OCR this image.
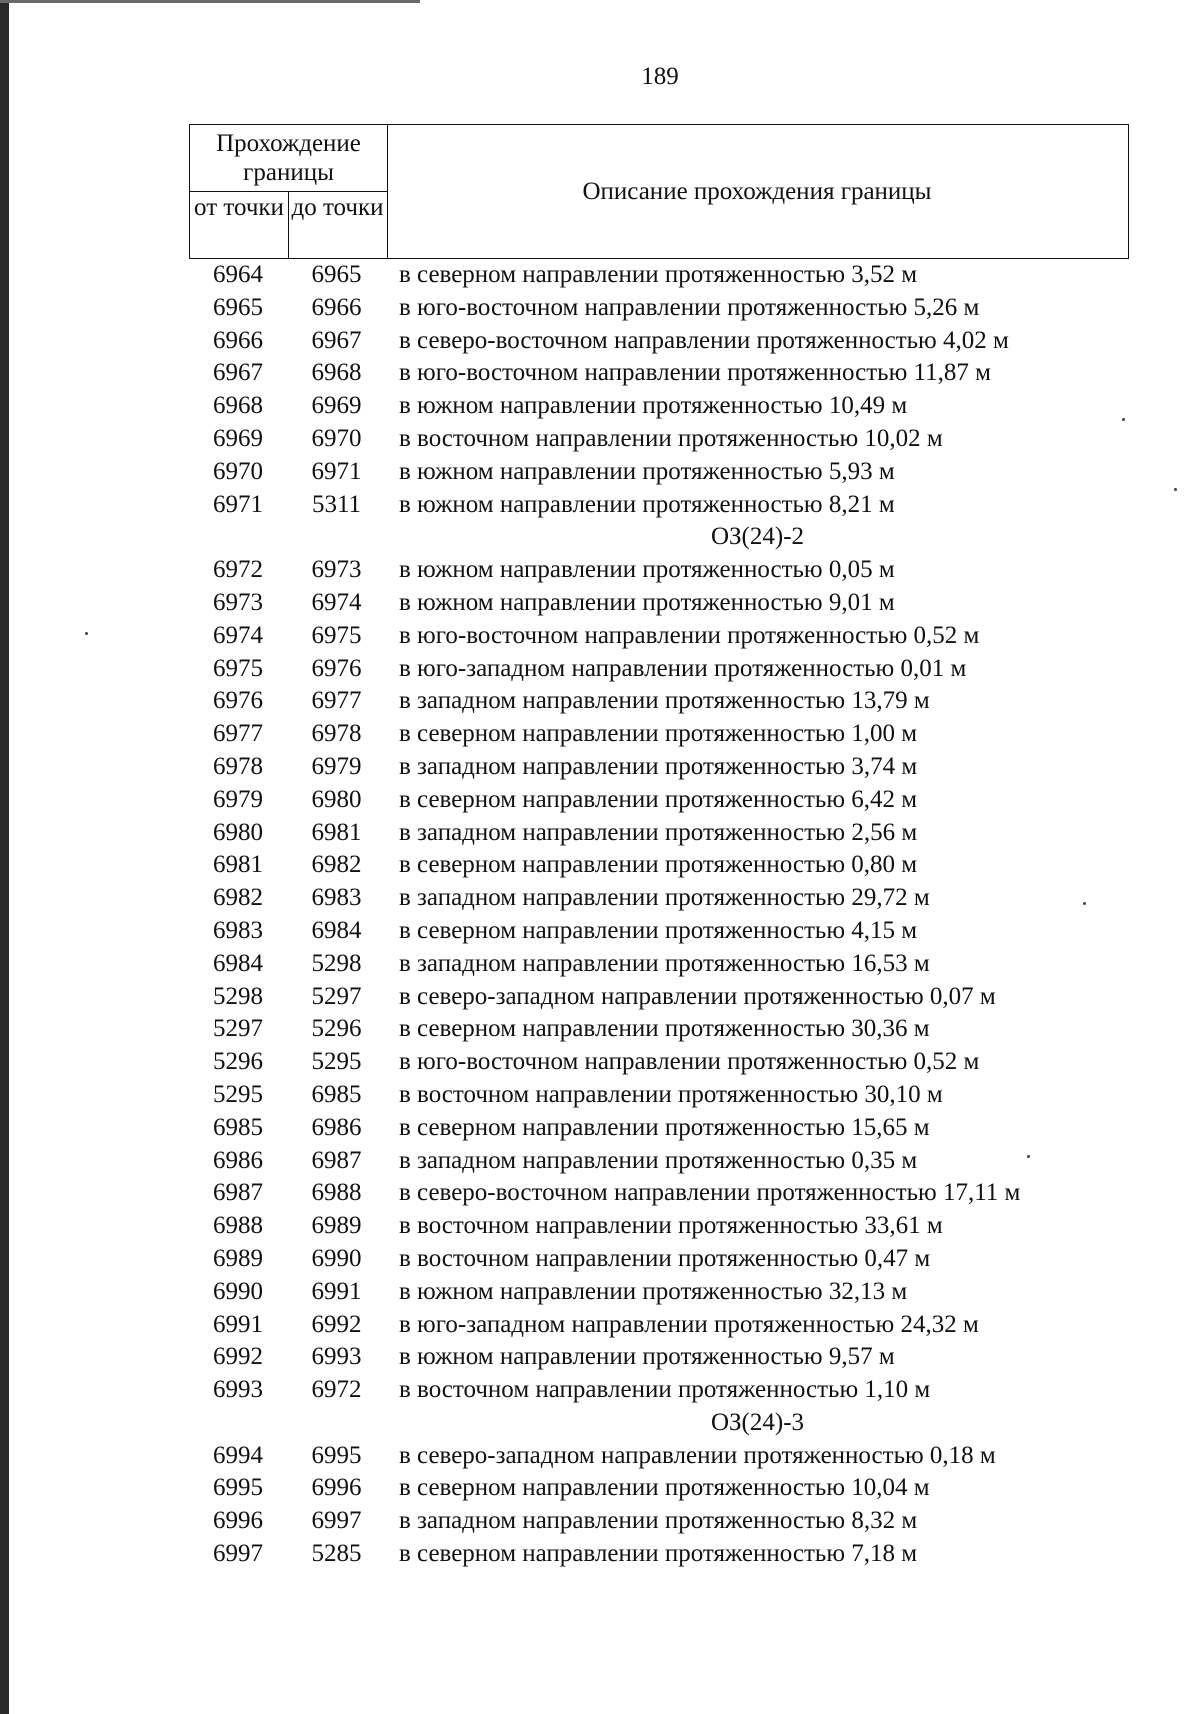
189
Прохождение границы
от точки до точки
Описание прохождения границы
6964	6965	в северном направлении протяженностью 3,52 м
6965	6966	в юго-восточном направлении протяженностью 5,26 м
6966	6967	в северо-восточном направлении протяженностью 4,02 м
6967	6968	в юго-восточном направлении протяженностью 11,87 м
6968	6969	в южном направлении протяженностью 10,49 м
6969	6970	в восточном направлении протяженностью 10,02 м
6970	6971	в южном направлении протяженностью 5,93 м
6971	5311	в южном направлении протяженностью 8,21 м
ОЗ(24)-2
6972	6973	в южном направлении протяженностью 0,05 м
6973	6974	в южном направлении протяженностью 9,01 м
6974	6975	в юго-восточном направлении протяженностью 0,52 м
6975	6976	в юго-западном направлении протяженностью 0,01 м
6976	6977	в западном направлении протяженностью 13,79 м
6977	6978	в северном направлении протяженностью 1,00 м
6978	6979	в западном направлении протяженностью 3,74 м
6979	6980	в северном направлении протяженностью 6,42 м
6980	6981	в западном направлении протяженностью 2,56 м
6981	6982	в северном направлении протяженностью 0,80 м
6982	6983	в западном направлении протяженностью 29,72 м
6983	6984	в северном направлении протяженностью 4,15 м
6984	5298	в западном направлении протяженностью 16,53 м
5298	5297	в северо-западном направлении протяженностью 0,07 м
5297	5296	в северном направлении протяженностью 30,36 м
5296	5295	в юго-восточном направлении протяженностью 0,52 м
5295	6985	в восточном направлении протяженностью 30,10 м
6985	6986	в северном направлении протяженностью 15,65 м
6986	6987	в западном направлении протяженностью 0,35 м
6987	6988	в северо-восточном направлении протяженностью 17,11 м
6988	6989	в восточном направлении протяженностью 33,61 м
6989	6990	в восточном направлении протяженностью 0,47 м
6990	6991	в южном направлении протяженностью 32,13 м
6991	6992	в юго-западном направлении протяженностью 24,32 м
6992	6993	в южном направлении протяженностью 9,57 м
6993	6972	в восточном направлении протяженностью 1,10 м
ОЗ(24)-3
6994	6995	в северо-западном направлении протяженностью 0,18 м
6995	6996	в северном направлении протяженностью 10,04 м
6996	6997	в западном направлении протяженностью 8,32 м
6997	5285	в северном направлении протяженностью 7,18 м
